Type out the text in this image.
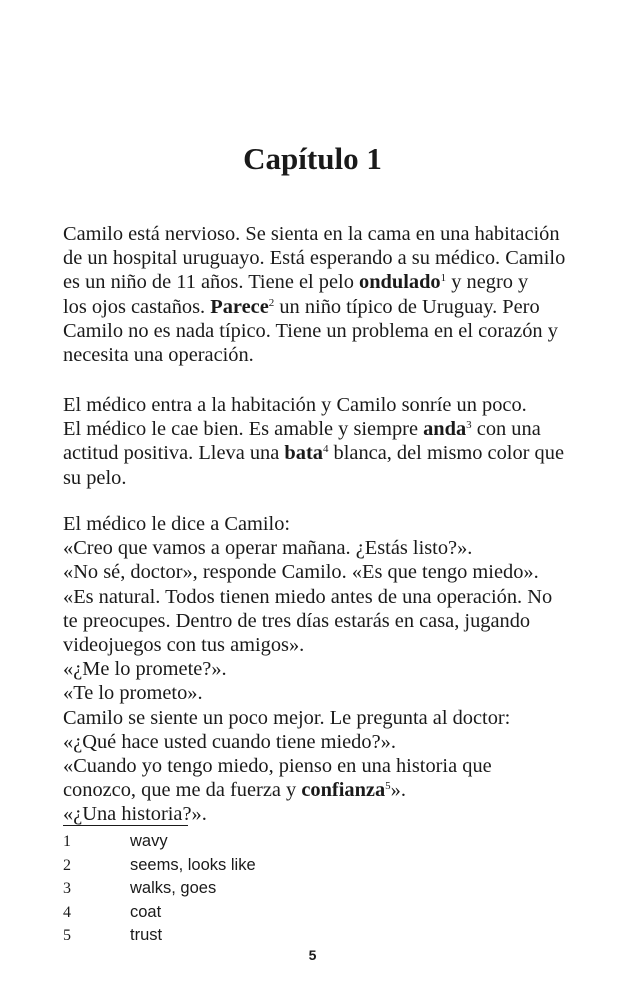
Capítulo 1
Camilo está nervioso. Se sienta en la cama en una habitación
de un hospital uruguayo. Está esperando a su médico. Camilo
es un niño de 11 años. Tiene el pelo ondulado$^1$ y negro y
los ojos castaños. Parece$^2$ un niño típico de Uruguay. Pero
Camilo no es nada típico. Tiene un problema en el corazón y
necesita una operación.
El médico entra a la habitación y Camilo sonríe un poco.
El médico le cae bien. Es amable y siempre anda$^3$ con una
actitud positiva. Lleva una bata$^4$ blanca, del mismo color que
su pelo.
El médico le dice a Camilo:
«Creo que vamos a operar mañana. ¿Estás listo?».
«No sé, doctor», responde Camilo. «Es que tengo miedo».
«Es natural. Todos tienen miedo antes de una operación. No
te preocupes. Dentro de tres días estarás en casa, jugando
videojuegos con tus amigos».
«¿Me lo promete?».
«Te lo prometo».
Camilo se siente un poco mejor. Le pregunta al doctor:
«¿Qué hace usted cuando tiene miedo?».
«Cuando yo tengo miedo, pienso en una historia que
conozco, que me da fuerza y confianza$^5$».
«¿Una historia?».
1	wavy
2	seems, looks like
3	walks, goes
4	coat
5	trust
5
